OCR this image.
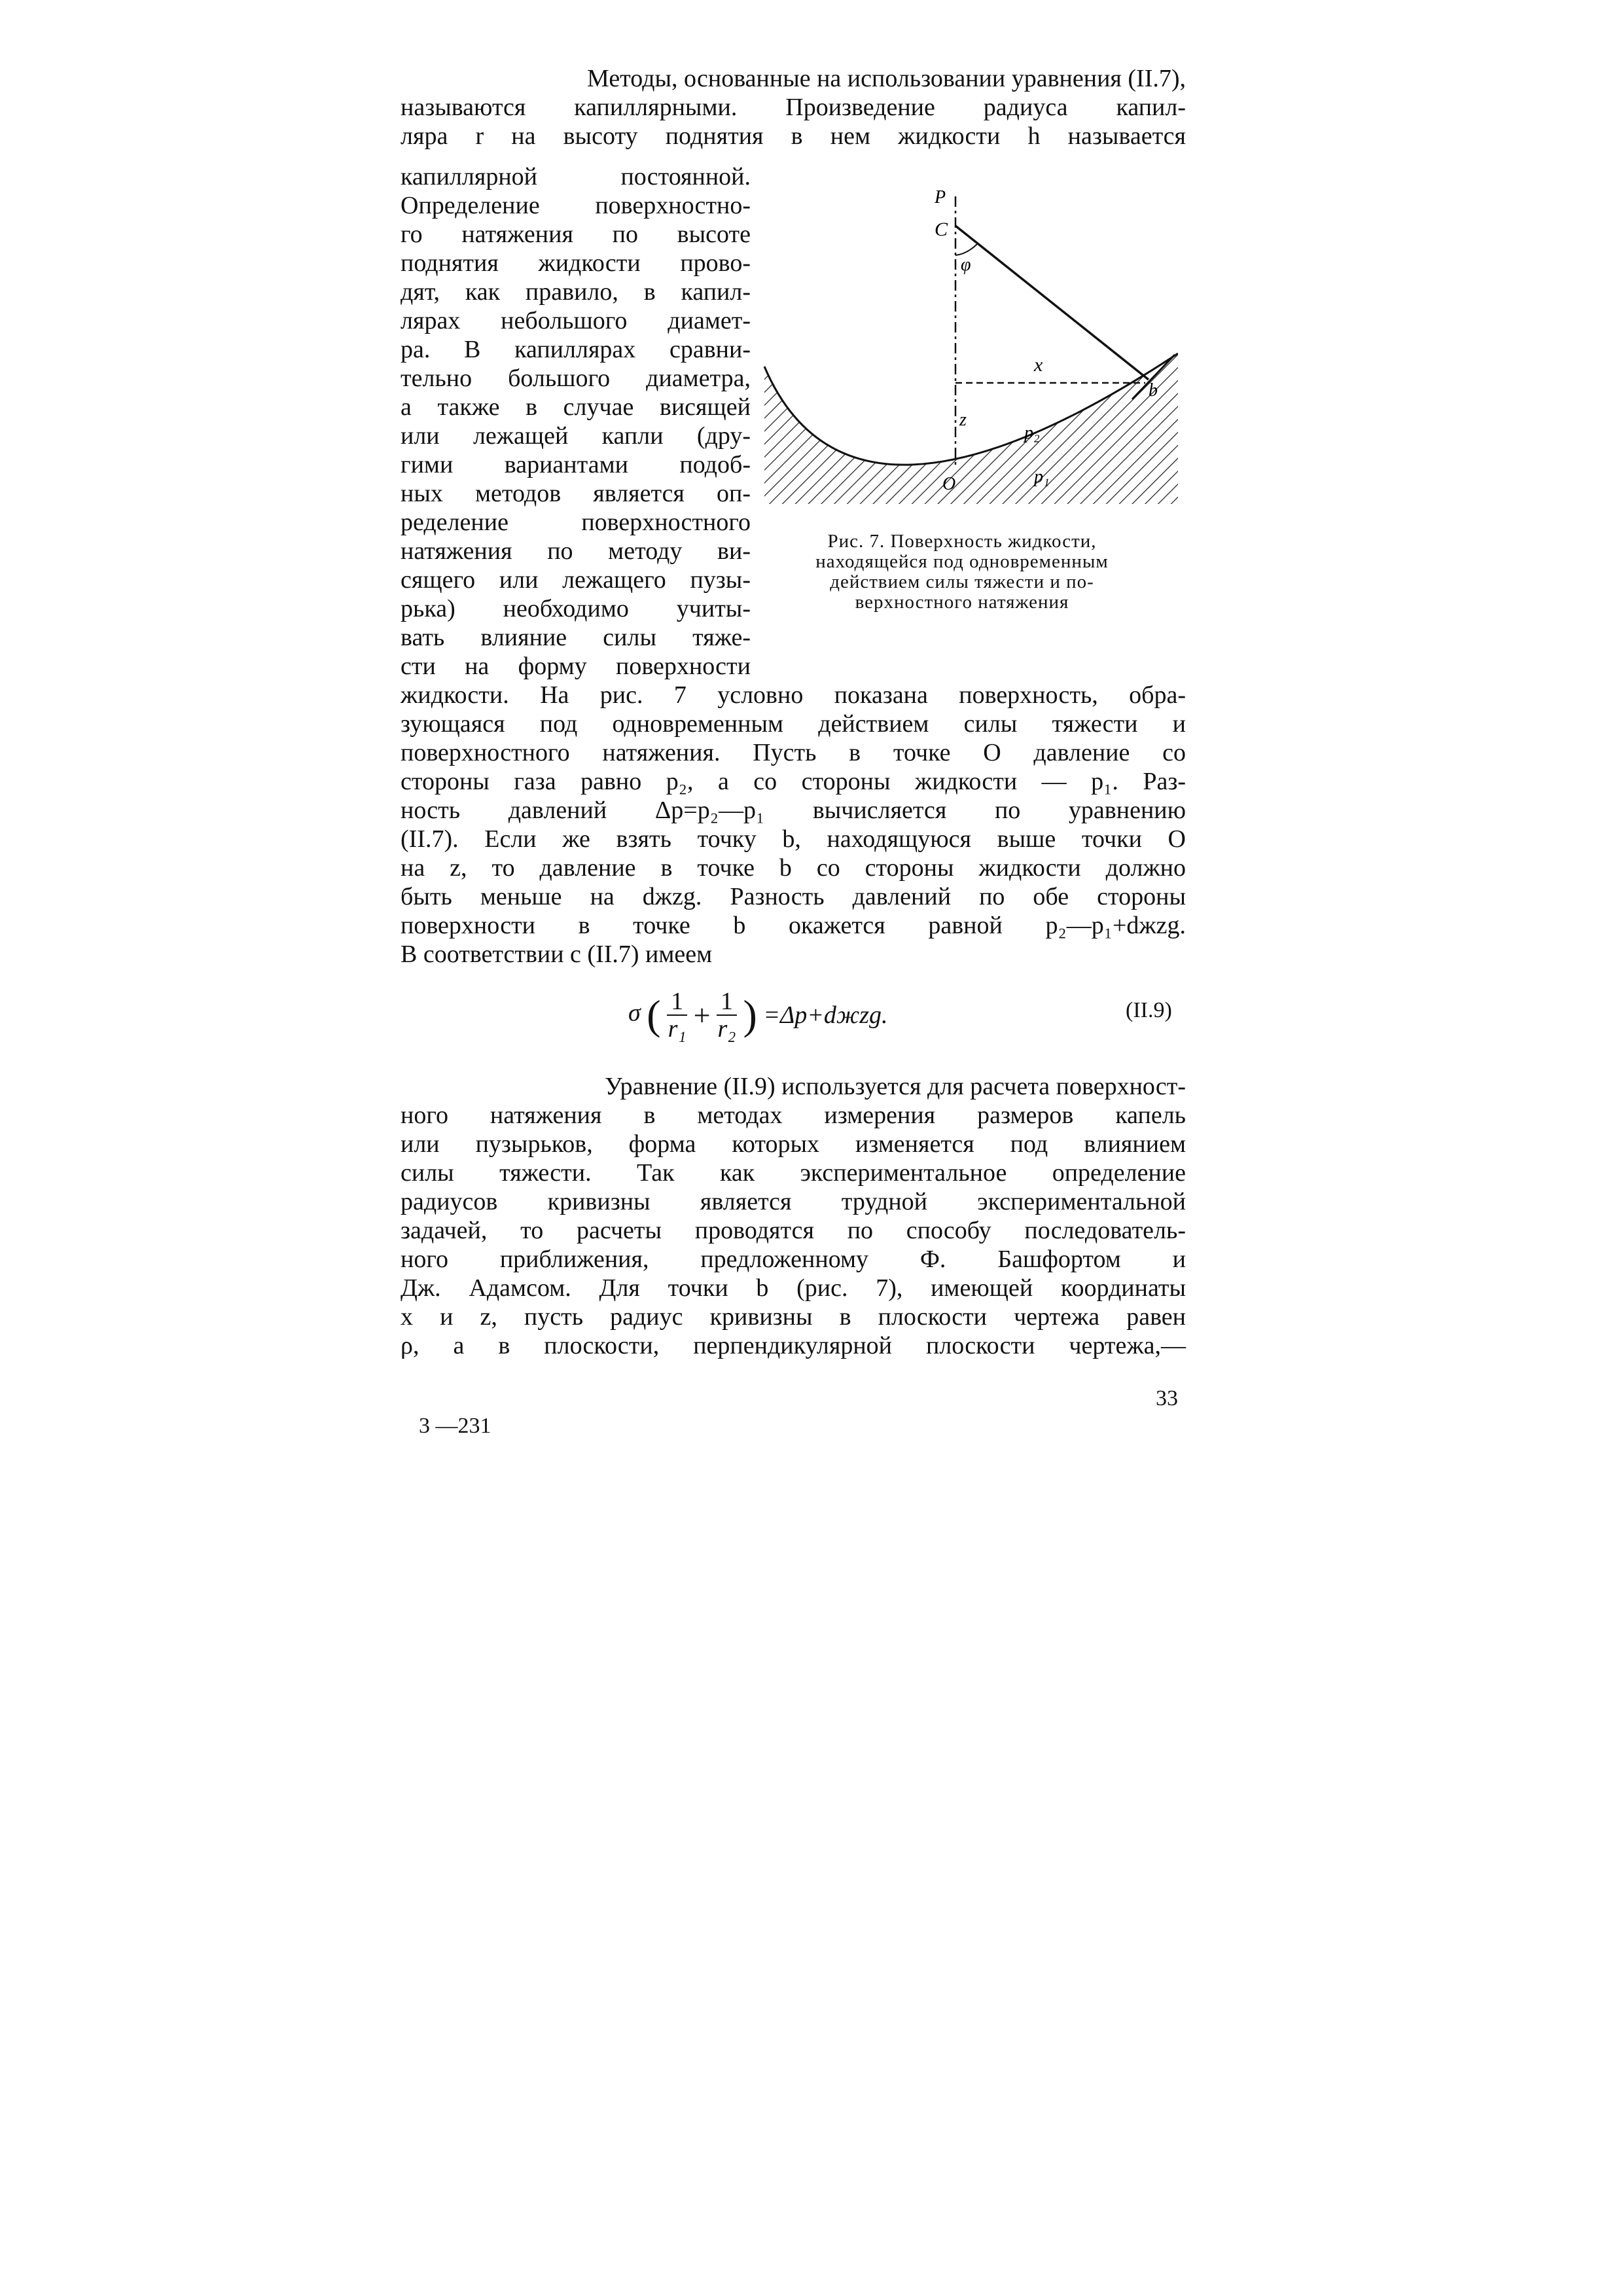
Методы, основанные на использовании уравнения (II.7),
называются капиллярными. Произведение радиуса капил-
ляра r на высоту поднятия в нем жидкости h называется
капиллярной постоянной.
Определение поверхностно-
го натяжения по высоте
поднятия жидкости прово-
дят, как правило, в капил-
лярах небольшого диамет-
ра. В капиллярах сравни-
тельно большого диаметра,
а также в случае висящей
или лежащей капли (дру-
гими вариантами подоб-
ных методов является оп-
ределение поверхностного
натяжения по методу ви-
сящего или лежащего пузы-
рька) необходимо учиты-
вать влияние силы тяже-
сти на форму поверхности
P
C
φ
x
b
z
p₂
p₁
O
Рис. 7. Поверхность жидкости,
находящейся под одновременным
действием силы тяжести и по-
верхностного натяжения
жидкости. На рис. 7 условно показана поверхность, обра-
зующаяся под одновременным действием силы тяжести и
поверхностного натяжения. Пусть в точке O давление со
стороны газа равно p₂, а со стороны жидкости — p₁. Раз-
ность давлений Δp=p₂—p₁ вычисляется по уравнению
(II.7). Если же взять точку b, находящуюся выше точки O
на z, то давление в точке b со стороны жидкости должно
быть меньше на dжzg. Разность давлений по обе стороны
поверхности в точке b окажется равной p₂—p₁+dжzg.
В соответствии с (II.7) имеем
σ ( $\frac{1}{\text{r₁}} + \frac{1}{\text{r₂}}$ ) =Δp+dжzg.	(II.9)
Уравнение (II.9) используется для расчета поверхност-
ного натяжения в методах измерения размеров капель
или пузырьков, форма которых изменяется под влиянием
силы тяжести. Так как экспериментальное определение
радиусов кривизны является трудной экспериментальной
задачей, то расчеты проводятся по способу последователь-
ного приближения, предложенному Ф. Башфортом и
Дж. Адамсом. Для точки b (рис. 7), имеющей координаты
x и z, пусть радиус кривизны в плоскости чертежа равен
ρ, а в плоскости, перпендикулярной плоскости чертежа,—
33
3 —231
